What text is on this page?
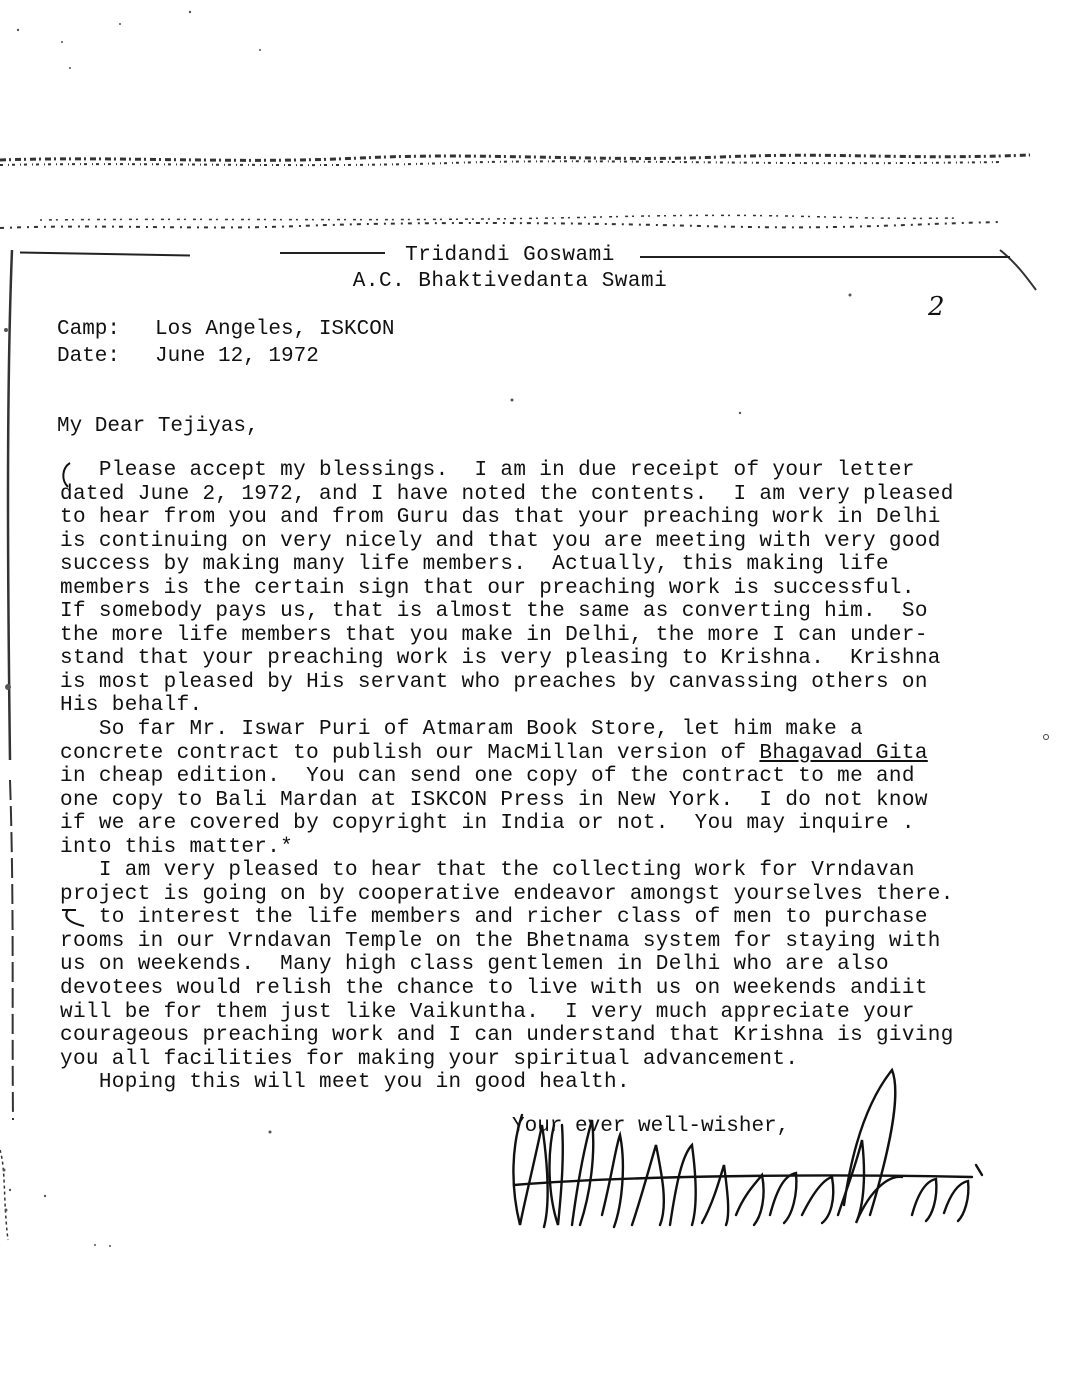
Tridandi Goswami
A.C. Bhaktivedanta Swami
2
Camp: Los Angeles, ISKCON
Date: June 12, 1972
My Dear Tejiyas,
Please accept my blessings.  I am in due receipt of your letter
dated June 2, 1972, and I have noted the contents.  I am very pleased
to hear from you and from Guru das that your preaching work in Delhi
is continuing on very nicely and that you are meeting with very good
success by making many life members.  Actually, this making life
members is the certain sign that our preaching work is successful.
If somebody pays us, that is almost the same as converting him.  So
the more life members that you make in Delhi, the more I can under-
stand that your preaching work is very pleasing to Krishna.  Krishna
is most pleased by His servant who preaches by canvassing others on
His behalf.
So far Mr. Iswar Puri of Atmaram Book Store, let him make a
concrete contract to publish our MacMillan version of Bhagavad Gita
in cheap edition.  You can send one copy of the contract to me and
one copy to Bali Mardan at ISKCON Press in New York.  I do not know
if we are covered by copyright in India or not.  You may inquire .
into this matter.*
I am very pleased to hear that the collecting work for Vrndavan
project is going on by cooperative endeavor amongst yourselves there.
to interest the life members and richer class of men to purchase
rooms in our Vrndavan Temple on the Bhetnama system for staying with
us on weekends.  Many high class gentlemen in Delhi who are also
devotees would relish the chance to live with us on weekends andiit
will be for them just like Vaikuntha.  I very much appreciate your
courageous preaching work and I can understand that Krishna is giving
you all facilities for making your spiritual advancement.
Hoping this will meet you in good health.
Your ever well-wisher,
